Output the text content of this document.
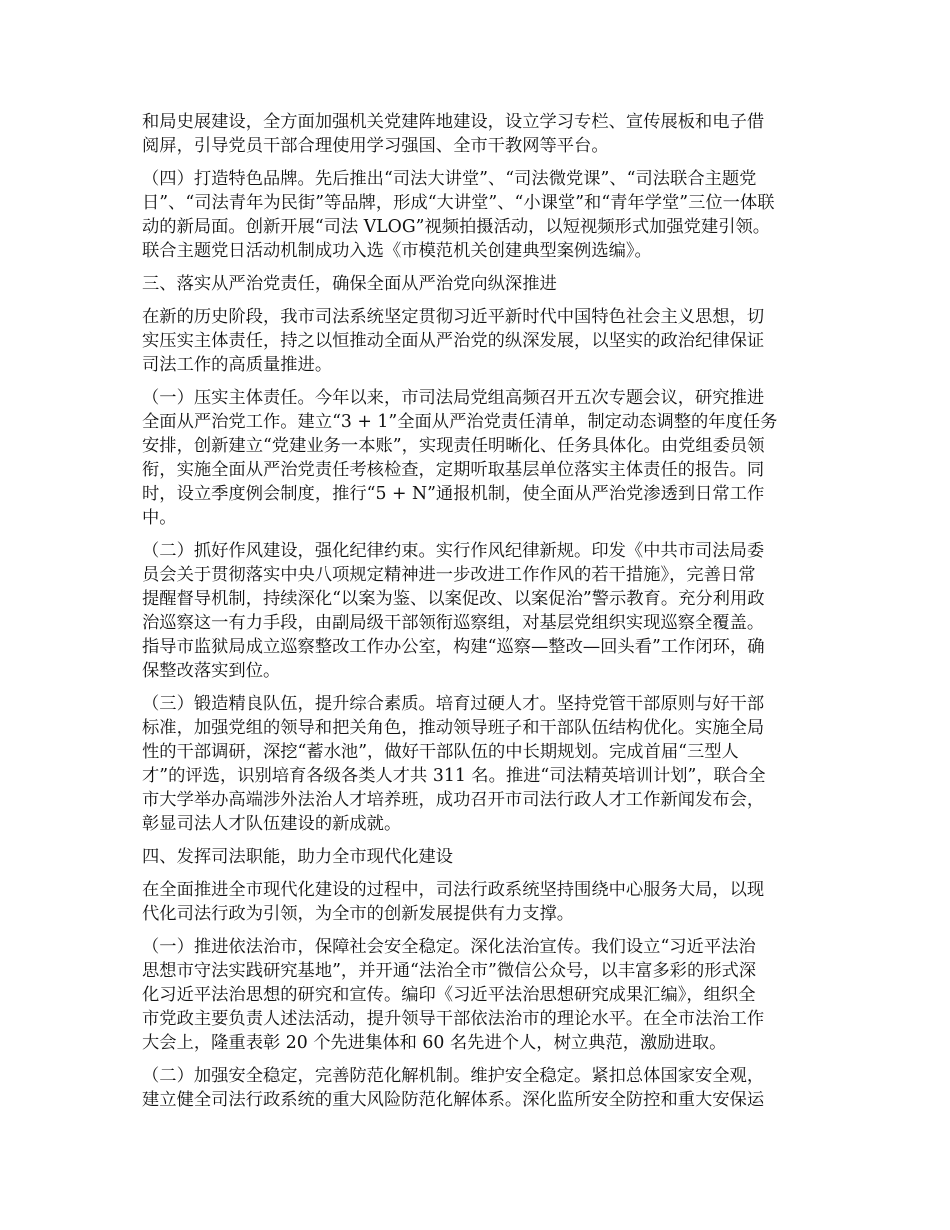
和局史展建设，全方面加强机关党建阵地建设，设立学习专栏、宣传展板和电子借
阅屏，引导党员干部合理使用学习强国、全市干教网等平台。
（四）打造特色品牌。先后推出“司法大讲堂”、“司法微党课”、“司法联合主题党
日”、“司法青年为民街”等品牌，形成“大讲堂”、“小课堂”和“青年学堂”三位一体联
动的新局面。创新开展“司法 VLOG”视频拍摄活动，以短视频形式加强党建引领。
联合主题党日活动机制成功入选《市模范机关创建典型案例选编》。
三、落实从严治党责任，确保全面从严治党向纵深推进
在新的历史阶段，我市司法系统坚定贯彻习近平新时代中国特色社会主义思想，切
实压实主体责任，持之以恒推动全面从严治党的纵深发展，以坚实的政治纪律保证
司法工作的高质量推进。
（一）压实主体责任。今年以来，市司法局党组高频召开五次专题会议，研究推进
全面从严治党工作。建立“3 + 1”全面从严治党责任清单，制定动态调整的年度任务
安排，创新建立“党建业务一本账”，实现责任明晰化、任务具体化。由党组委员领
衔，实施全面从严治党责任考核检查，定期听取基层单位落实主体责任的报告。同
时，设立季度例会制度，推行“5 + N”通报机制，使全面从严治党渗透到日常工作
中。
（二）抓好作风建设，强化纪律约束。实行作风纪律新规。印发《中共市司法局委
员会关于贯彻落实中央八项规定精神进一步改进工作作风的若干措施》，完善日常
提醒督导机制，持续深化“以案为鉴、以案促改、以案促治”警示教育。充分利用政
治巡察这一有力手段，由副局级干部领衔巡察组，对基层党组织实现巡察全覆盖。
指导市监狱局成立巡察整改工作办公室，构建“巡察—整改—回头看”工作闭环，确
保整改落实到位。
（三）锻造精良队伍，提升综合素质。培育过硬人才。坚持党管干部原则与好干部
标准，加强党组的领导和把关角色，推动领导班子和干部队伍结构优化。实施全局
性的干部调研，深挖“蓄水池”，做好干部队伍的中长期规划。完成首届“三型人
才”的评选，识别培育各级各类人才共 311 名。推进“司法精英培训计划”，联合全
市大学举办高端涉外法治人才培养班，成功召开市司法行政人才工作新闻发布会，
彰显司法人才队伍建设的新成就。
四、发挥司法职能，助力全市现代化建设
在全面推进全市现代化建设的过程中，司法行政系统坚持围绕中心服务大局，以现
代化司法行政为引领，为全市的创新发展提供有力支撑。
（一）推进依法治市，保障社会安全稳定。深化法治宣传。我们设立“习近平法治
思想市守法实践研究基地”，并开通“法治全市”微信公众号，以丰富多彩的形式深
化习近平法治思想的研究和宣传。编印《习近平法治思想研究成果汇编》，组织全
市党政主要负责人述法活动，提升领导干部依法治市的理论水平。在全市法治工作
大会上，隆重表彰 20 个先进集体和 60 名先进个人，树立典范，激励进取。
（二）加强安全稳定，完善防范化解机制。维护安全稳定。紧扣总体国家安全观，
建立健全司法行政系统的重大风险防范化解体系。深化监所安全防控和重大安保运
